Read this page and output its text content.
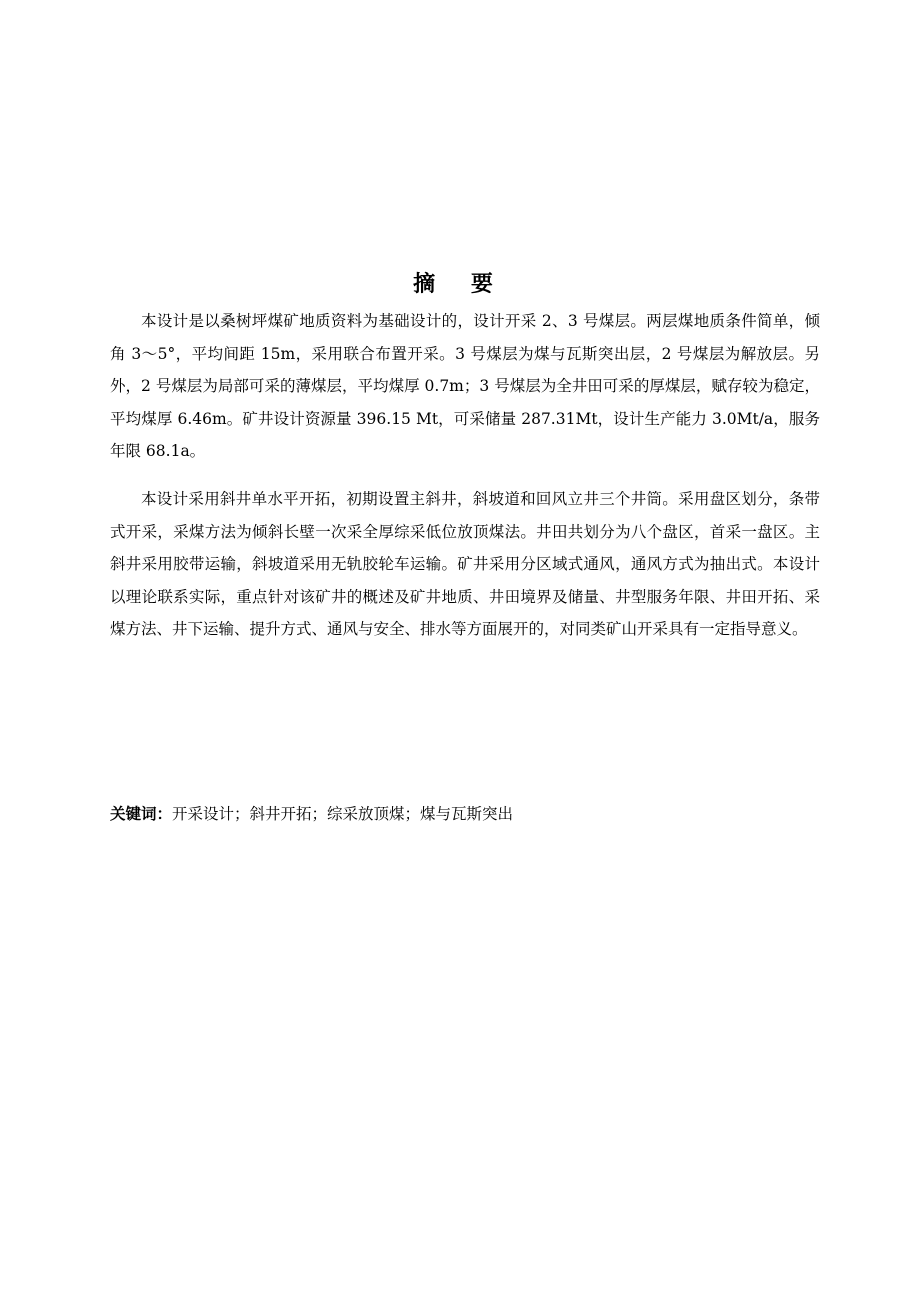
摘 要

本设计是以桑树坪煤矿地质资料为基础设计的，设计开采 2、3 号煤层。两层煤地质条件简单，倾角 3～5°，平均间距 15m，采用联合布置开采。3 号煤层为煤与瓦斯突出层，2 号煤层为解放层。另外，2 号煤层为局部可采的薄煤层，平均煤厚 0.7m；3 号煤层为全井田可采的厚煤层，赋存较为稳定，平均煤厚 6.46m。矿井设计资源量 396.15 Mt，可采储量 287.31Mt，设计生产能力 3.0Mt/a，服务年限 68.1a。

本设计采用斜井单水平开拓，初期设置主斜井，斜坡道和回风立井三个井筒。采用盘区划分，条带式开采，采煤方法为倾斜长壁一次采全厚综采低位放顶煤法。井田共划分为八个盘区，首采一盘区。主斜井采用胶带运输，斜坡道采用无轨胶轮车运输。矿井采用分区域式通风，通风方式为抽出式。本设计以理论联系实际，重点针对该矿井的概述及矿井地质、井田境界及储量、井型服务年限、井田开拓、采煤方法、井下运输、提升方式、通风与安全、排水等方面展开的，对同类矿山开采具有一定指导意义。

关键词：开采设计；斜井开拓；综采放顶煤；煤与瓦斯突出
